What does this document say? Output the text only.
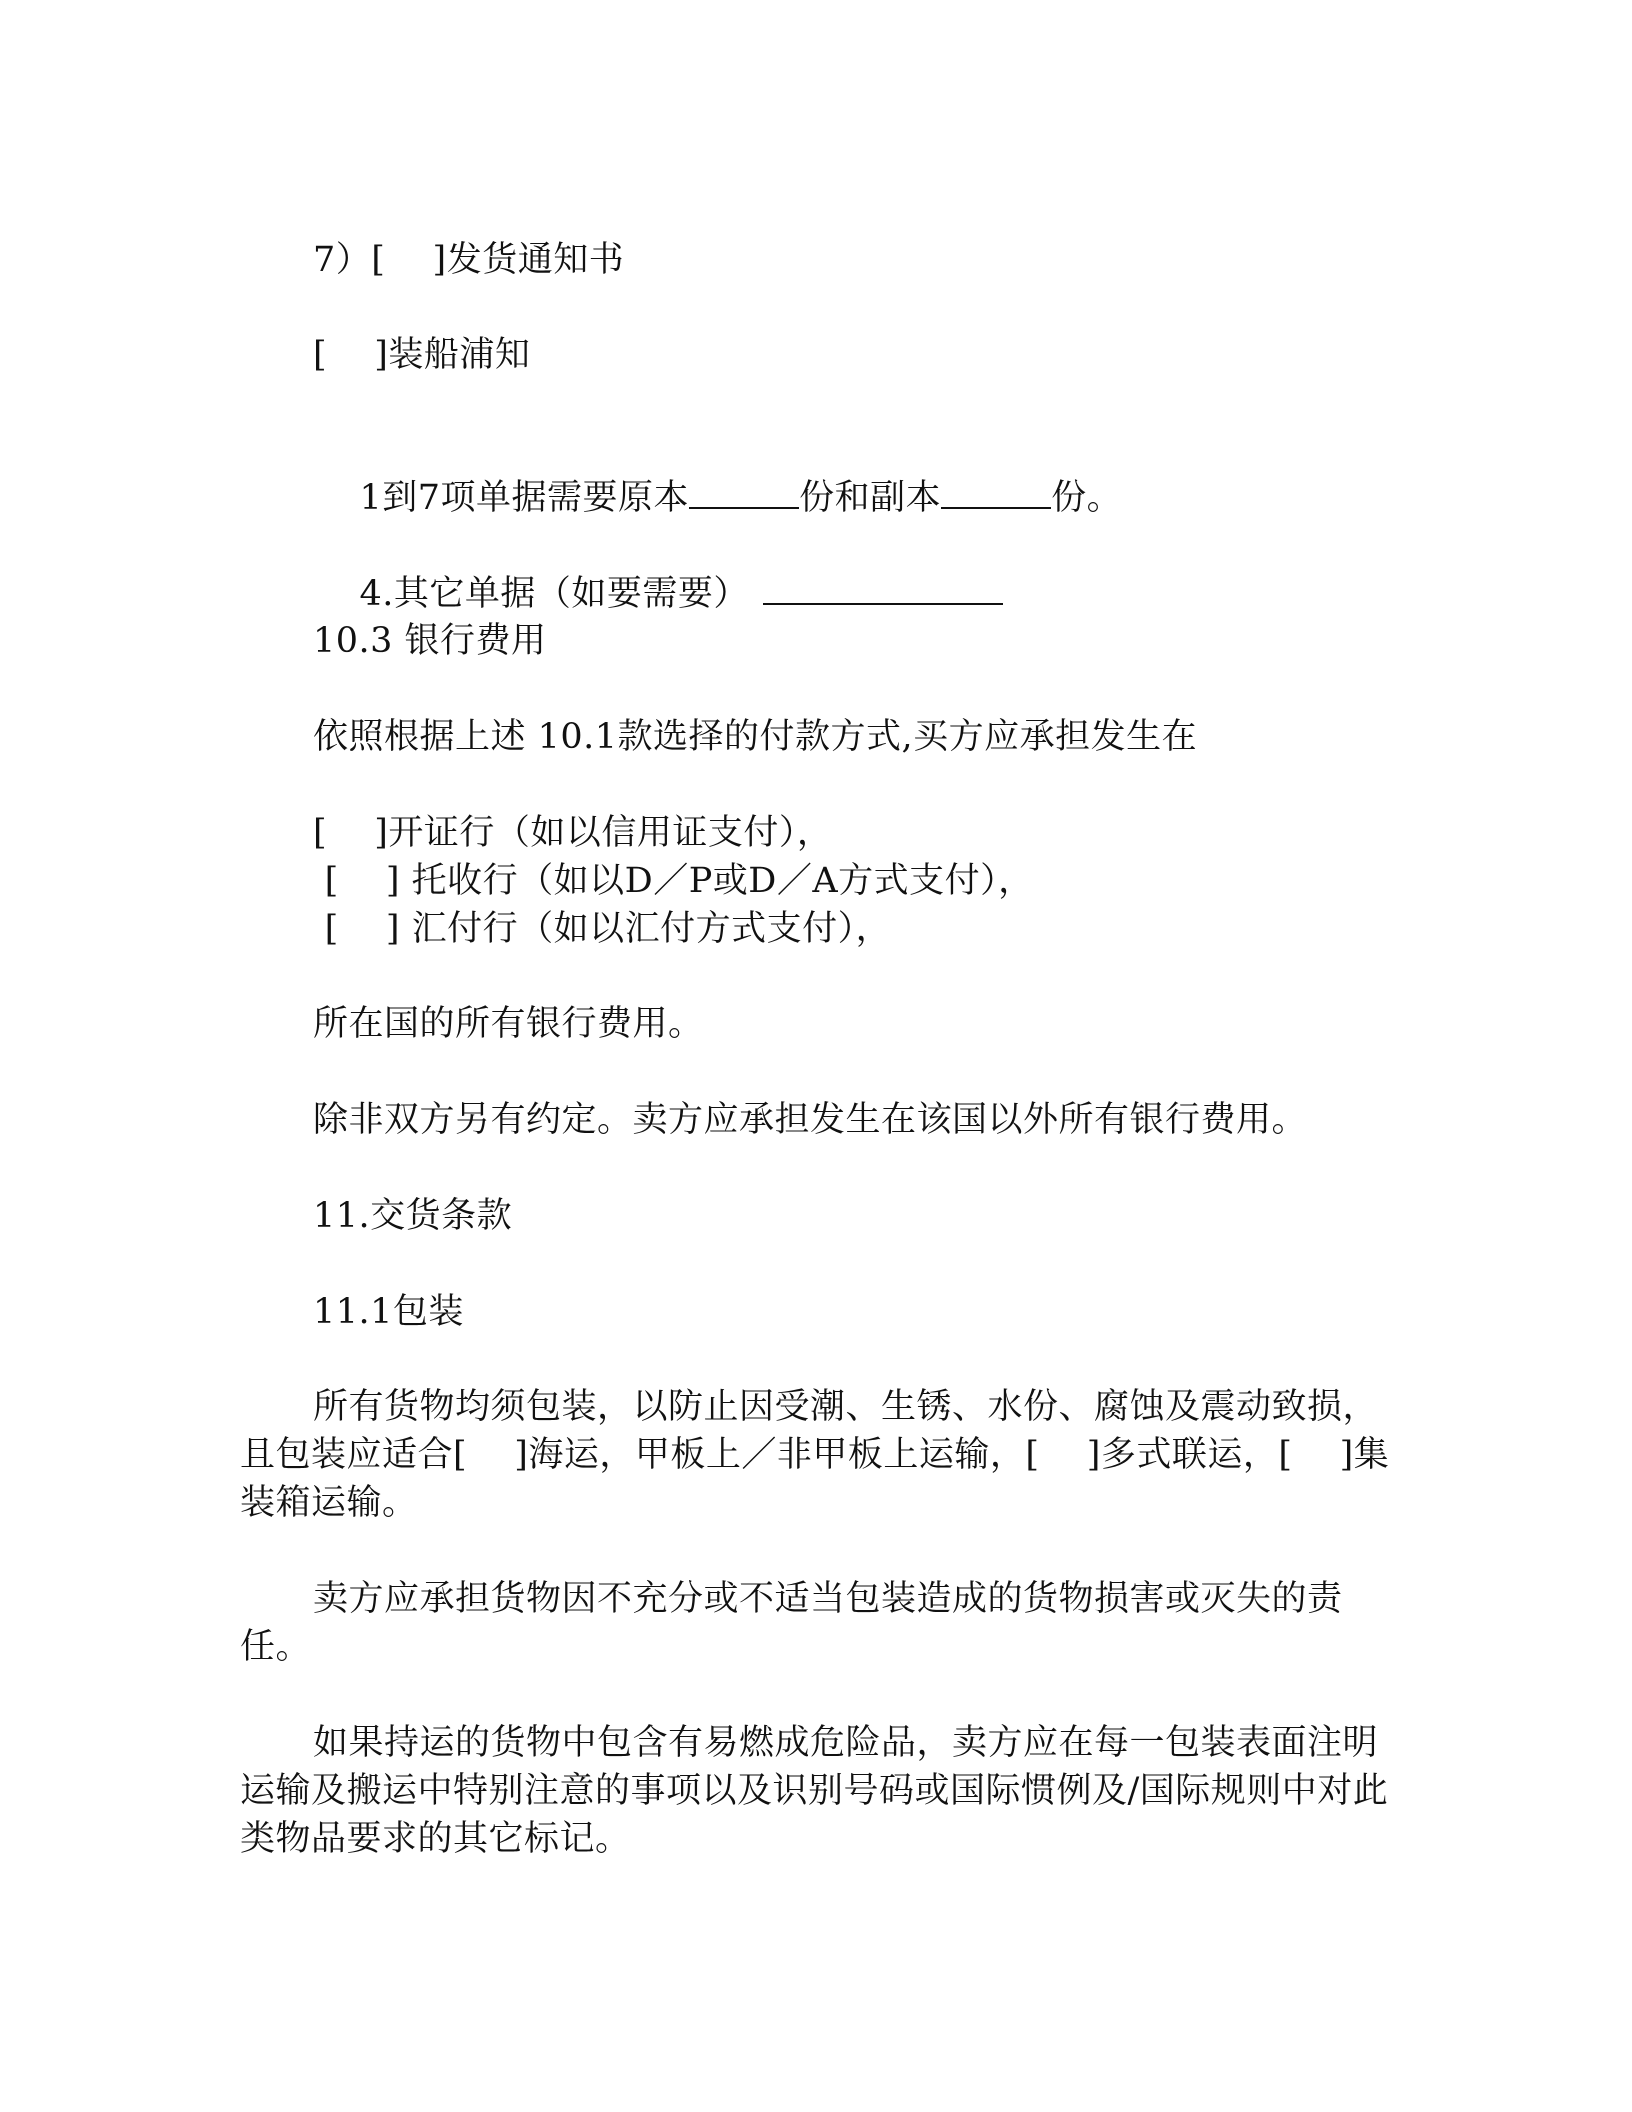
7）[　 ]发货通知书
[　 ]装船浦知

1到7项单据需要原本	份和副本	份。

4.其它单据（如要需要）

10.3 银行费用
依照根据上述 10.1款选择的付款方式,买方应承担发生在
[　 ]开证行（如以信用证支付），
[　 ] 托收行（如以D／P或D／A方式支付），
[　 ] 汇付行（如以汇付方式支付），
所在国的所有银行费用。
除非双方另有约定。卖方应承担发生在该国以外所有银行费用。
11.交货条款
11.1包装
所有货物均须包装，以防止因受潮、生锈、水份、腐蚀及震动致损，且包装应适合[　 ]海运，甲板上／非甲板上运输，[　 ]多式联运，[　 ]集装箱运输。
卖方应承担货物因不充分或不适当包装造成的货物损害或灭失的责任。
如果持运的货物中包含有易燃成危险品，卖方应在每一包装表面注明运输及搬运中特别注意的事项以及识别号码或国际惯例及/国际规则中对此类物品要求的其它标记。
